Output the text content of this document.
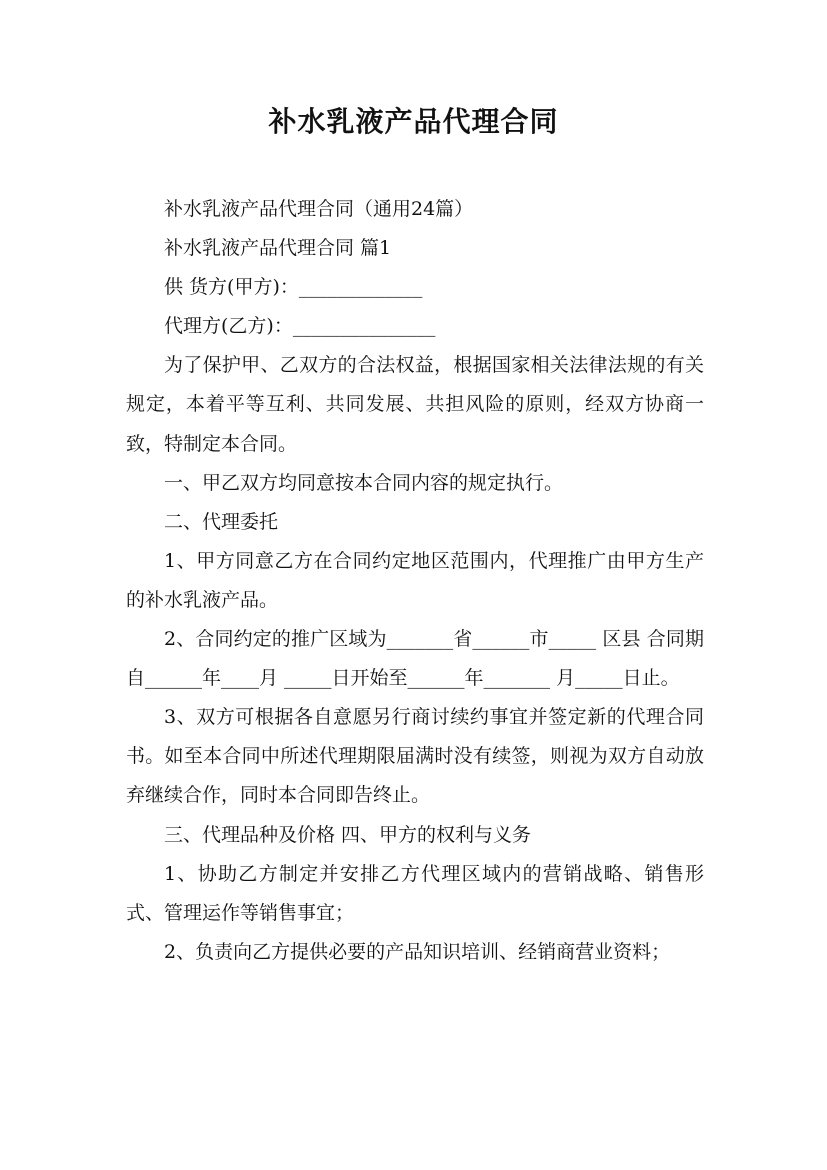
补水乳液产品代理合同

补水乳液产品代理合同（通用24篇）

补水乳液产品代理合同 篇1

供 货方(甲方)：_____________

代理方(乙方)：_______________

为了保护甲、乙双方的合法权益，根据国家相关法律法规的有关规定，本着平等互利、共同发展、共担风险的原则，经双方协商一致，特制定本合同。

一、甲乙双方均同意按本合同内容的规定执行。

二、代理委托

1、甲方同意乙方在合同约定地区范围内，代理推广由甲方生产的补水乳液产品。

2、合同约定的推广区域为_______省______市_____ 区县 合同期自______年____月 _____日开始至______年_______ 月_____日止。

3、双方可根据各自意愿另行商讨续约事宜并签定新的代理合同书。如至本合同中所述代理期限届满时没有续签，则视为双方自动放弃继续合作，同时本合同即告终止。

三、代理品种及价格 四、甲方的权利与义务

1、协助乙方制定并安排乙方代理区域内的营销战略、销售形式、管理运作等销售事宜；

2、负责向乙方提供必要的产品知识培训、经销商营业资料；
